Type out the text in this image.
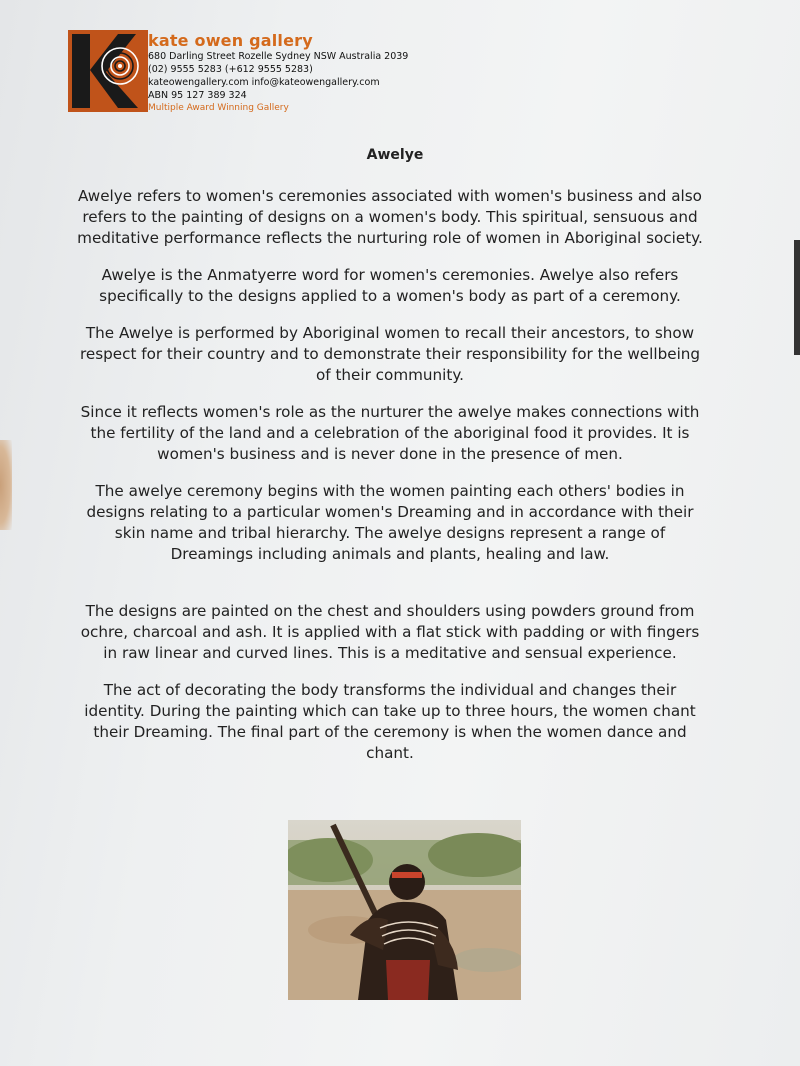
kate owen gallery
680 Darling Street Rozelle Sydney NSW Australia 2039
(02) 9555 5283 (+612 9555 5283)
kateowengallery.com info@kateowengallery.com
ABN 95 127 389 324
Multiple Award Winning Gallery
Awelye

Awelye refers to women's ceremonies associated with women's business and also refers to the painting of designs on a women's body. This spiritual, sensuous and meditative performance reflects the nurturing role of women in Aboriginal society.

Awelye is the Anmatyerre word for women's ceremonies. Awelye also refers specifically to the designs applied to a women's body as part of a ceremony.

The Awelye is performed by Aboriginal women to recall their ancestors, to show respect for their country and to demonstrate their responsibility for the wellbeing of their community.

Since it reflects women's role as the nurturer the awelye makes connections with the fertility of the land and a celebration of the aboriginal food it provides. It is women's business and is never done in the presence of men.

The awelye ceremony begins with the women painting each others' bodies in designs relating to a particular women's Dreaming and in accordance with their skin name and tribal hierarchy. The awelye designs represent a range of Dreamings including animals and plants, healing and law.

The designs are painted on the chest and shoulders using powders ground from ochre, charcoal and ash. It is applied with a flat stick with padding or with fingers in raw linear and curved lines. This is a meditative and sensual experience.

The act of decorating the body transforms the individual and changes their identity. During the painting which can take up to three hours, the women chant their Dreaming. The final part of the ceremony is when the women dance and chant.
